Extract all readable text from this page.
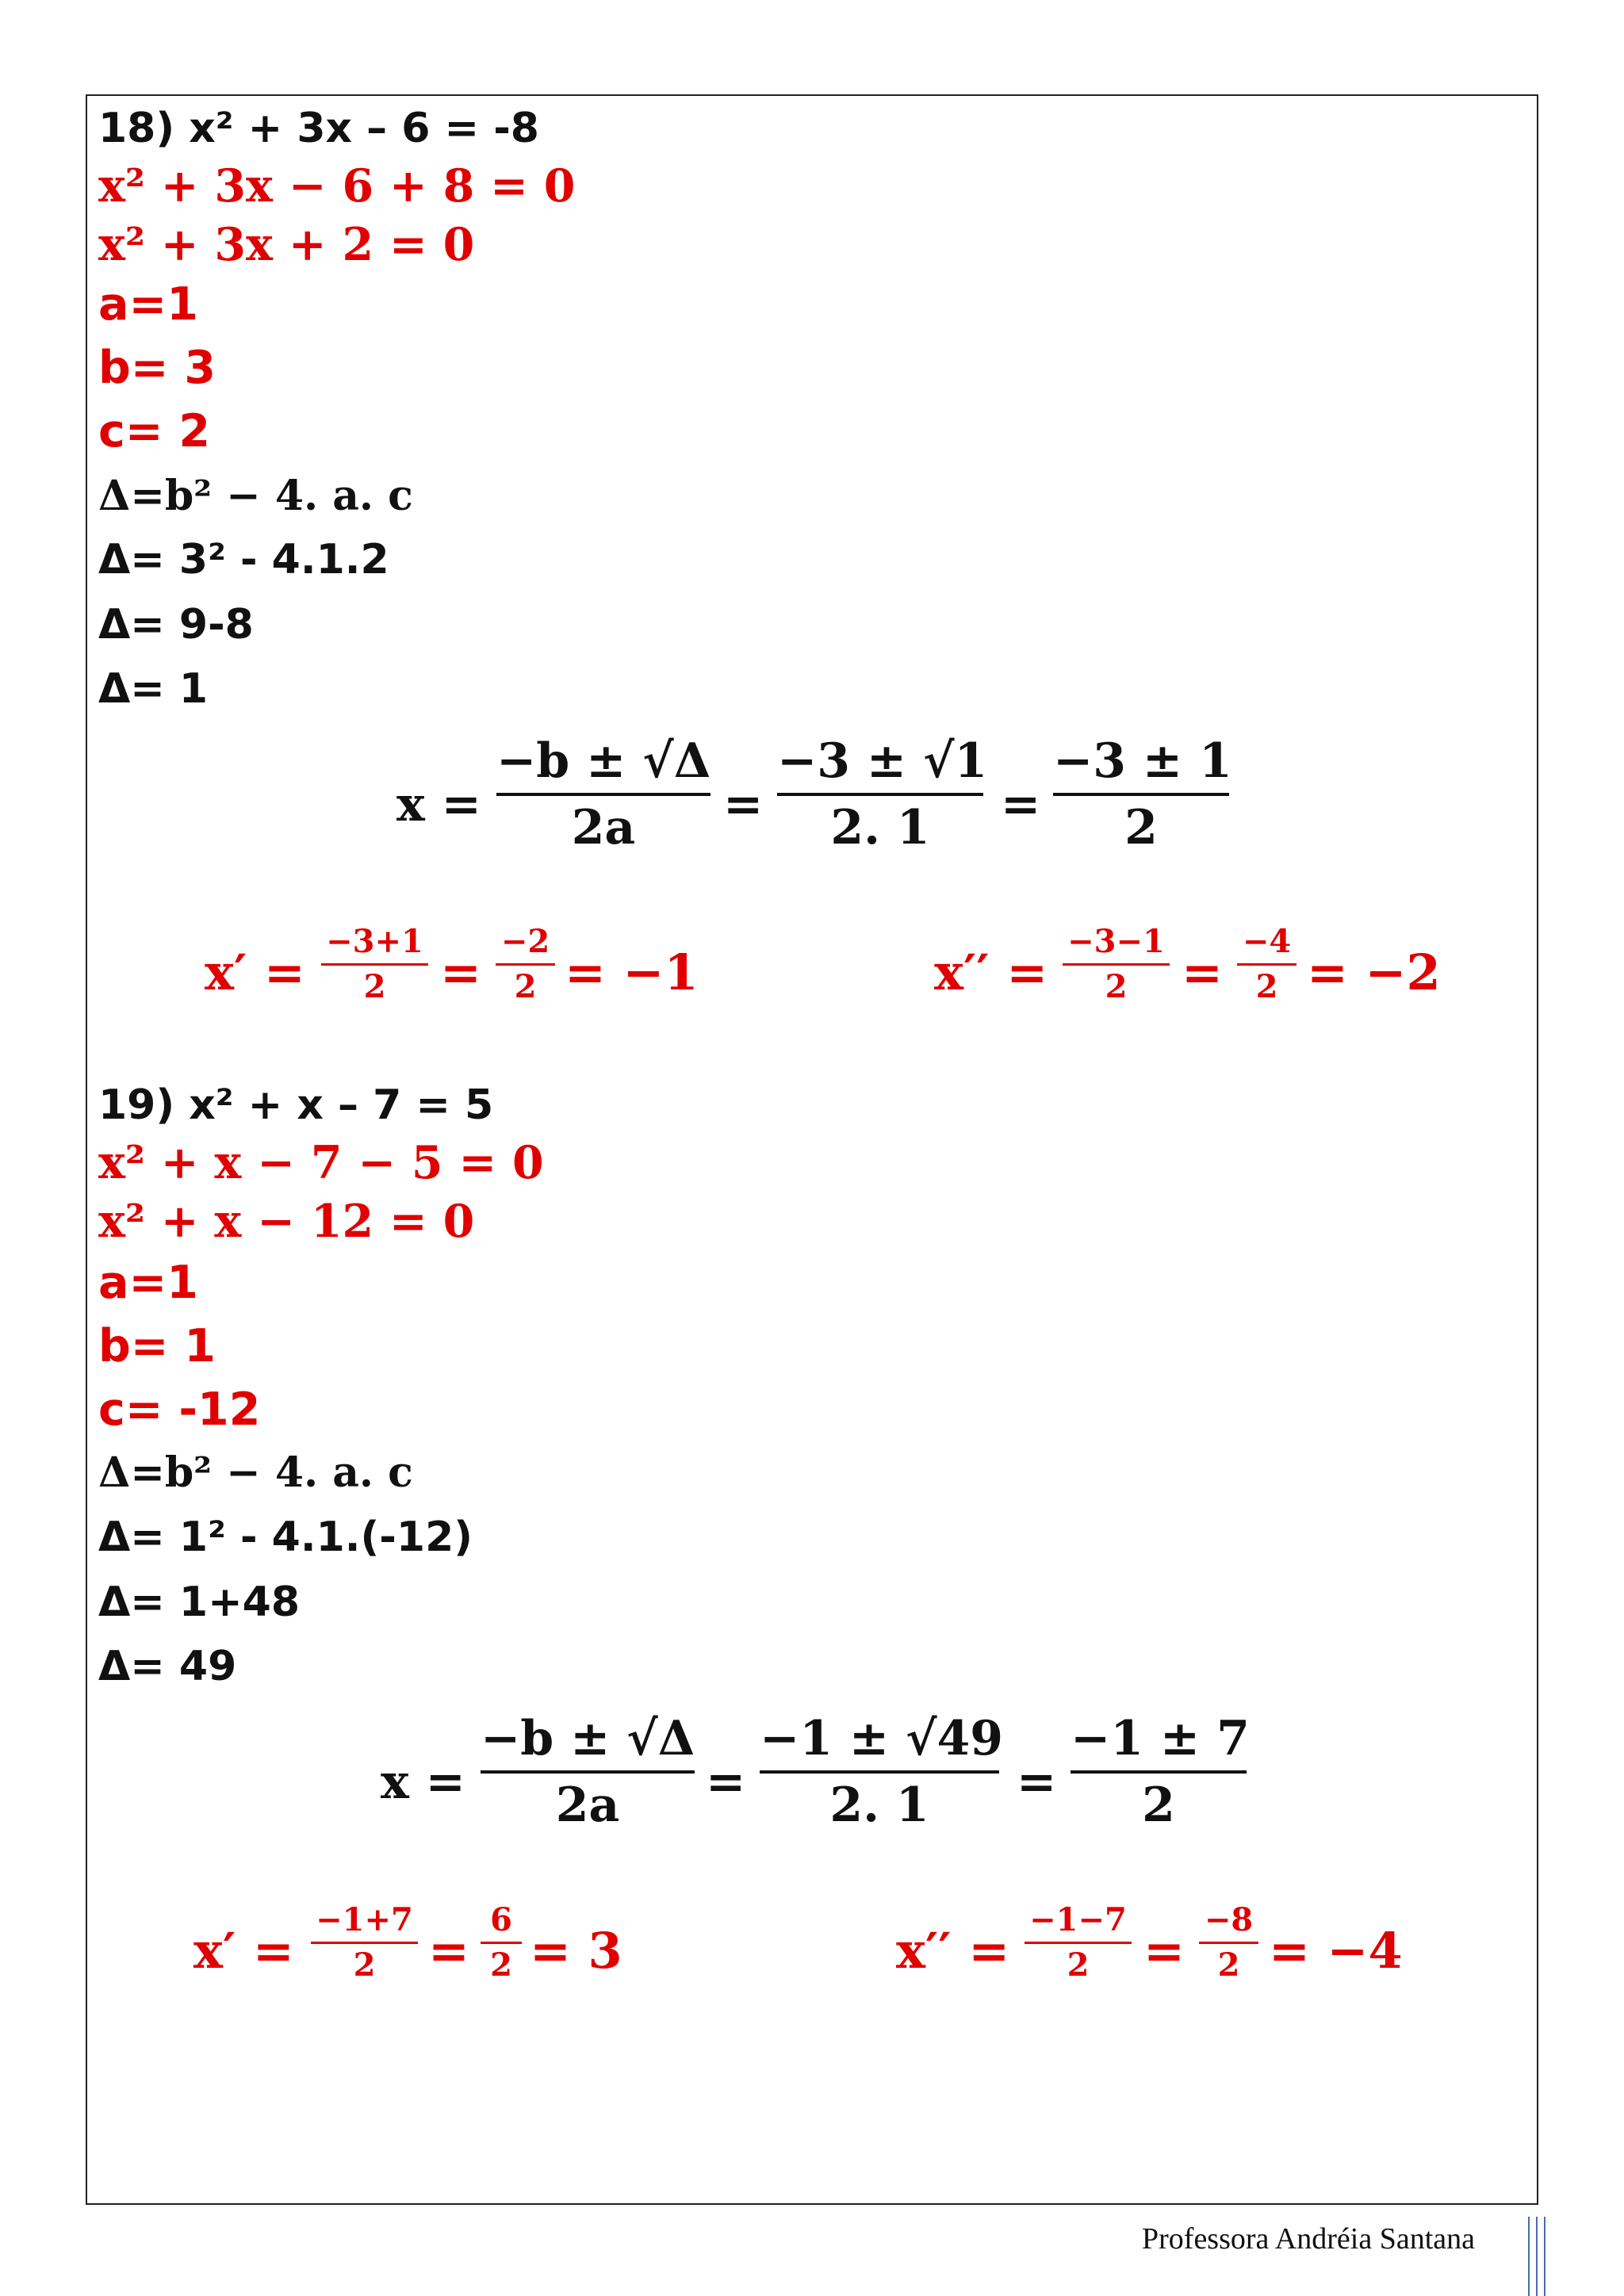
18) x² + 3x – 6 = -8
x² + 3x − 6 + 8 = 0
x² + 3x + 2 = 0
a=1
b= 3
c= 2
Δ=b² − 4. a. c
Δ= 3² - 4.1.2
Δ= 9-8
Δ= 1
x =
−b ± √Δ
2a	=
−3 ± √1
2. 1	=
−3 ± 1
2
x′ =
−3+1
2	=
−2
2 = −1	x′′ =
−3−1
2	=
−4
2 = −2
19) x² + x – 7 = 5
x² + x − 7 − 5 = 0
x² + x − 12 = 0
a=1
b= 1
c= -12
Δ=b² − 4. a. c
Δ= 1² - 4.1.(-12)
Δ= 1+48
Δ= 49
x =
−b ± √Δ
2a	=
−1 ± √49
2. 1	=
−1 ± 7
2
x′ =
−1+7
2	=
6
2 = 3	x′′ =
−1−7
2	=
−8
2 = −4
Professora Andréia Santana
